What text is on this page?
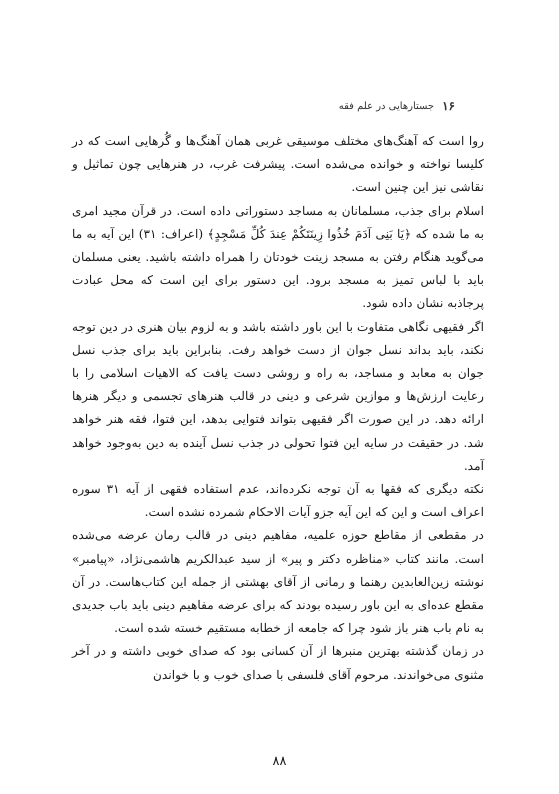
۱۶
جستارهایی در علم فقه

روا است که آهنگ‌های مختلف موسیقی غربی همان آهنگ‌ها و گُرهایی است که در کلیسا نواخته و خوانده می‌شده است. پیشرفت غرب، در هنرهایی چون تماثیل و نقاشی نیز این چنین است.

اسلام برای جذب، مسلمانان به مساجد دستوراتی داده است. در قرآن مجید امری به ما شده که ﴿یَا بَنِی آدَمَ خُذُوا زِینَتَکُمْ عِندَ کُلِّ مَسْجِدٍ﴾ (اعراف: ۳۱) این آیه به ما می‌گوید هنگام رفتن به مسجد زینت خودتان را همراه داشته باشید. یعنی مسلمان باید با لباس تمیز به مسجد برود. این دستور برای این است که محل عبادت پرجاذبه نشان داده شود.

اگر فقیهی نگاهی متفاوت با این باور داشته باشد و به لزوم بیان هنری در دین توجه نکند، باید بداند نسل جوان از دست خواهد رفت. بنابراین باید برای جذب نسل جوان به معابد و مساجد، به راه و روشی دست یافت که الاهیات اسلامی را با رعایت ارزش‌ها و موازین شرعی و دینی در قالب هنرهای تجسمی و دیگر هنرها ارائه دهد. در این صورت اگر فقیهی بتواند فتوایی بدهد، این فتوا، فقه هنر خواهد شد. در حقیقت در سایه این فتوا تحولی در جذب نسل آینده به دین به‌وجود خواهد آمد.

نکته دیگری که فقها به آن توجه نکرده‌اند، عدم استفاده فقهی از آیه ۳۱ سوره اعراف است و این که این آیه جزو آیات الاحکام شمرده نشده است.

در مقطعی از مقاطع حوزه علمیه، مفاهیم دینی در قالب رمان عرضه می‌شده است. مانند کتاب «مناظره دکتر و پیر» از سید عبدالکریم هاشمی‌نژاد، «پیامبر» نوشته زین‌العابدین رهنما و رمانی از آقای بهشتی از جمله این کتاب‌هاست. در آن مقطع عده‌ای به این باور رسیده بودند که برای عرضه مفاهیم دینی باید باب جدیدی به نام باب هنر باز شود چرا که جامعه از خطابه مستقیم خسته شده است.

در زمان گذشته بهترین منبرها از آن کسانی بود که صدای خوبی داشته و در آخر مثنوی می‌خواندند. مرحوم آقای فلسفی با صدای خوب و با خواندن

۸۸
